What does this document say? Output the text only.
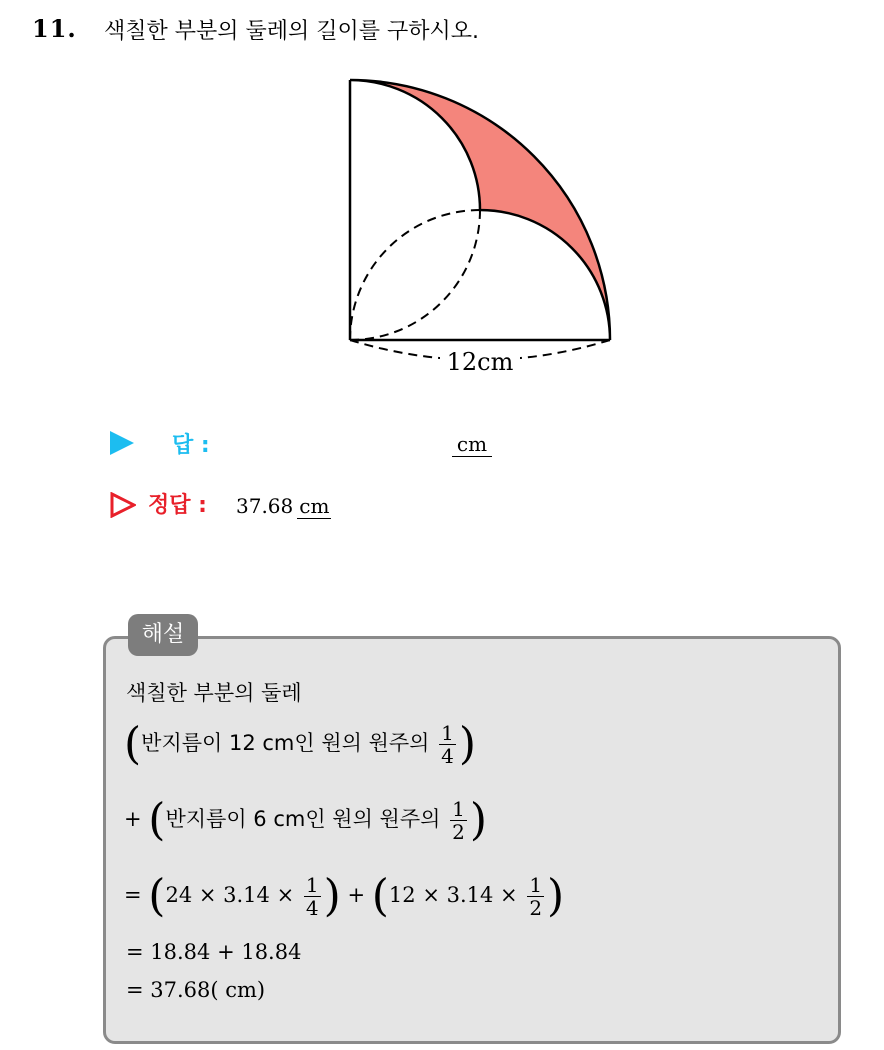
11. 색칠한 부분의 둘레의 길이를 구하시오.
12cm
답 :	cm
정답 : 37.68 cm
해설
색칠한 부분의 둘레
(반지름이 12 cm인 원의 원주의 $\frac{1}{4}$ )
+ (반지름이 6 cm인 원의 원주의 $\frac{1}{2}$ )
= ($24 \times 3.14 \times \frac{1}{4}$ ) + ($12 \times 3.14 \times \frac{1}{2}$ )
= 18.84 + 18.84
= 37.68( cm)
